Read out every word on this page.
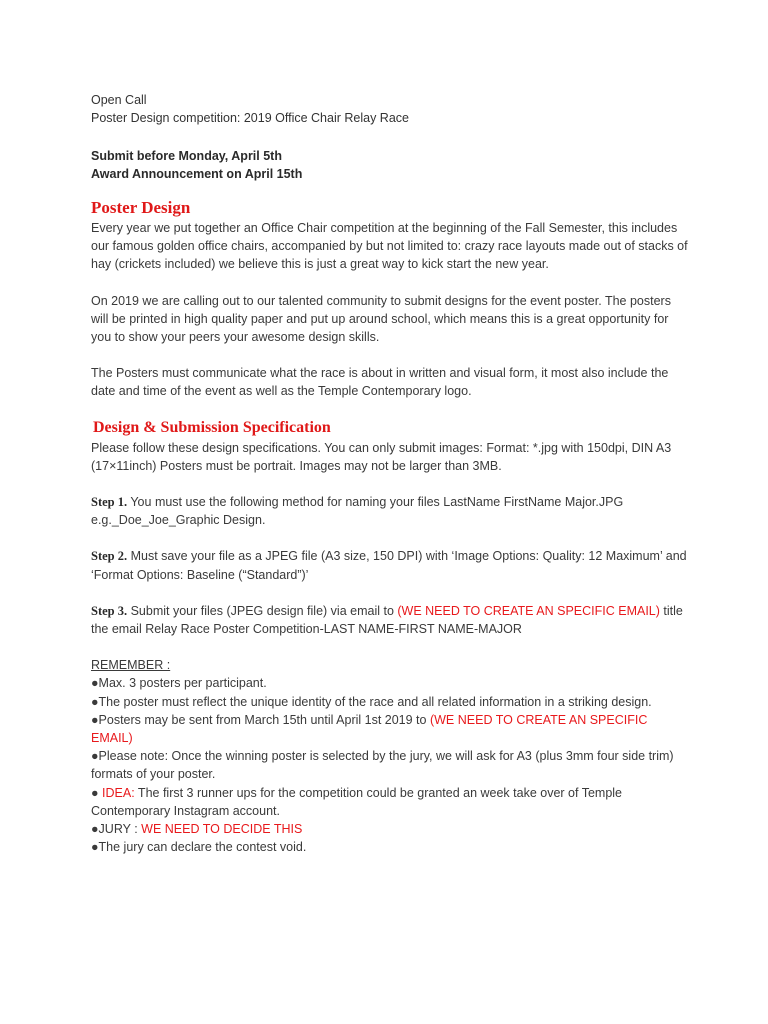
Open Call

Poster Design competition: 2019 Office Chair Relay Race

Submit before Monday, April 5th

Award Announcement on April 15th

Poster Design

Every year we put together an Office Chair competition at the beginning of the Fall Semester, this includes our famous golden office chairs, accompanied by but not limited to: crazy race layouts made out of stacks of hay (crickets included) we believe this is just a great way to kick start the new year.

On 2019 we are calling out to our talented community to submit designs for the event poster. The posters will be printed in high quality paper and put up around school, which means this is a great opportunity for you to show your peers your awesome design skills.

The Posters must communicate what the race is about in written and visual form, it most also include the date and time of the event as well as the Temple Contemporary logo.

Design & Submission Specification

Please follow these design specifications. You can only submit images: Format: *.jpg with 150dpi, DIN A3 (17×11inch) Posters must be portrait. Images may not be larger than 3MB.

Step 1. You must use the following method for naming your files LastName FirstName Major.JPG e.g._Doe_Joe_Graphic Design.

Step 2. Must save your file as a JPEG file (A3 size, 150 DPI) with ‘Image Options: Quality: 12 Maximum’ and ‘Format Options: Baseline (“Standard”)’

Step 3. Submit your files (JPEG design file) via email to (WE NEED TO CREATE AN SPECIFIC EMAIL) title the email Relay Race Poster Competition-LAST NAME-FIRST NAME-MAJOR

REMEMBER :

●Max. 3 posters per participant.

●The poster must reflect the unique identity of the race and all related information in a striking design.

●Posters may be sent from March 15th until April 1st 2019 to (WE NEED TO CREATE AN SPECIFIC EMAIL)

●Please note: Once the winning poster is selected by the jury, we will ask for A3 (plus 3mm four side trim) formats of your poster.

● IDEA: The first 3 runner ups for the competition could be granted an week take over of Temple Contemporary Instagram account.

●JURY : WE NEED TO DECIDE THIS

●The jury can declare the contest void.
